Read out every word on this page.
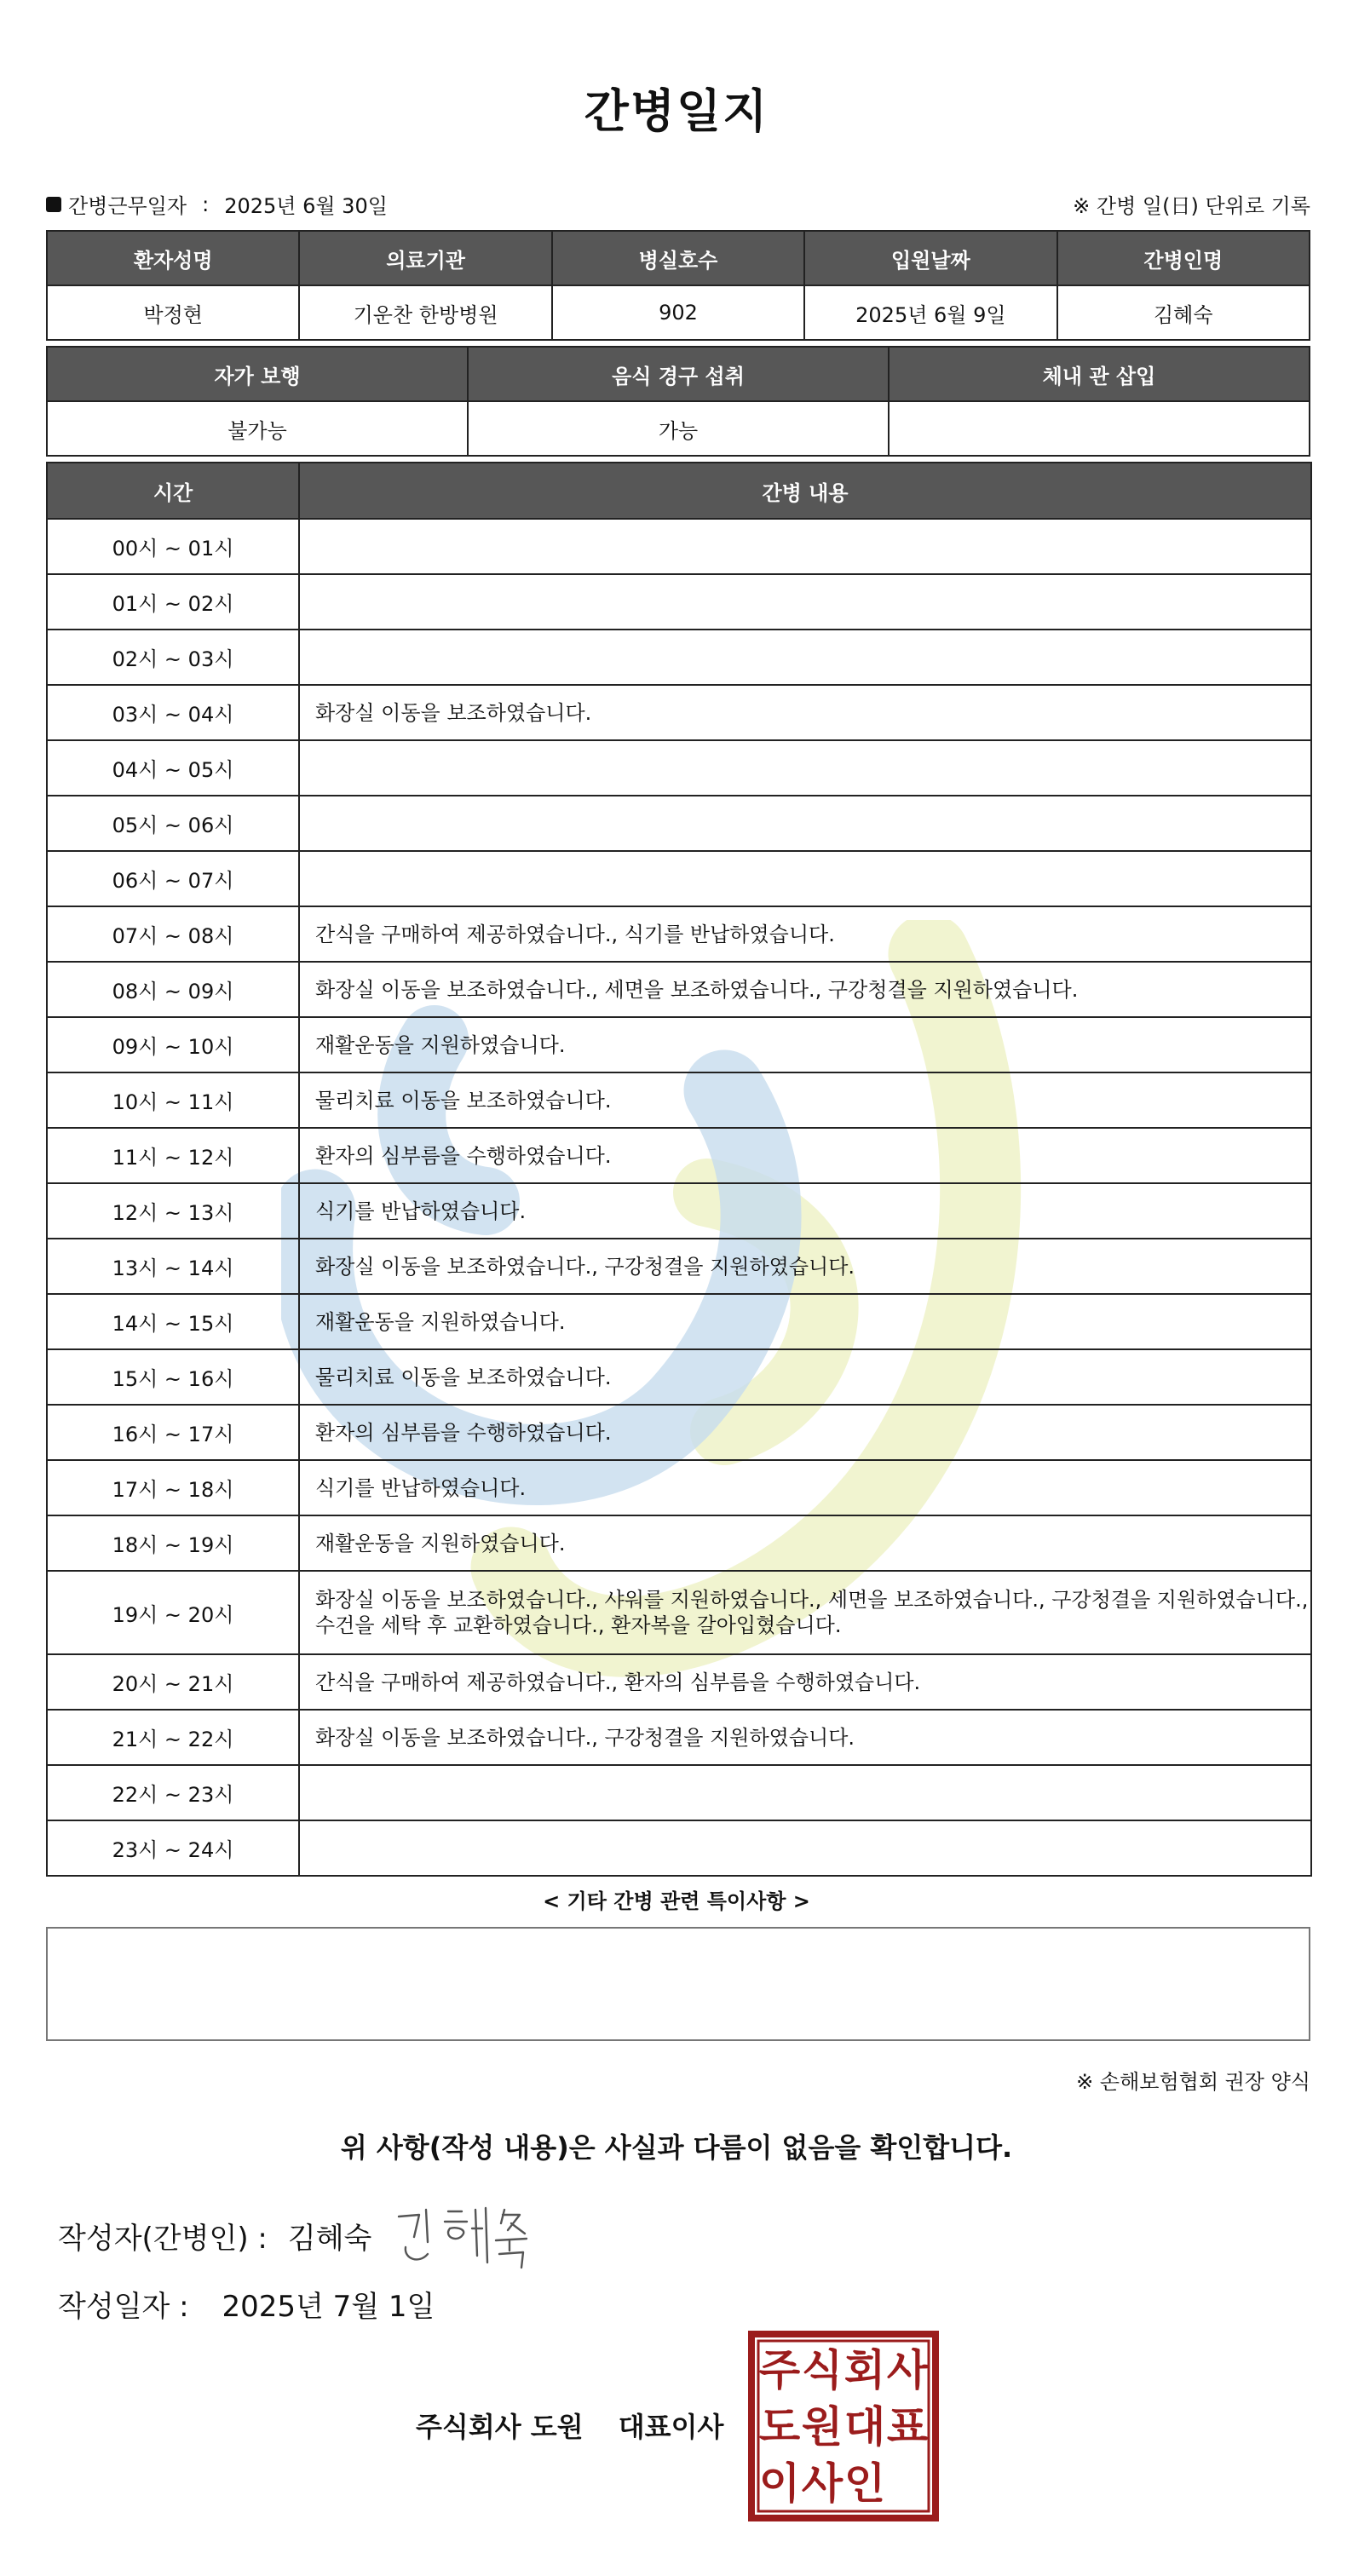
간병일지
간병근무일자 : 2025년 6월 30일	※ 간병 일(日) 단위로 기록
환자성명	의료기관	병실호수	입원날짜	간병인명
박정현	기운찬 한방병원	902	2025년 6월 9일	김혜숙
자가 보행	음식 경구 섭취	체내 관 삽입
불가능	가능	
시간	간병 내용
00시 ~ 01시	
01시 ~ 02시	
02시 ~ 03시	
03시 ~ 04시	화장실 이동을 보조하였습니다.
04시 ~ 05시	
05시 ~ 06시	
06시 ~ 07시	
07시 ~ 08시	간식을 구매하여 제공하였습니다., 식기를 반납하였습니다.
08시 ~ 09시	화장실 이동을 보조하였습니다., 세면을 보조하였습니다., 구강청결을 지원하였습니다.
09시 ~ 10시	재활운동을 지원하였습니다.
10시 ~ 11시	물리치료 이동을 보조하였습니다.
11시 ~ 12시	환자의 심부름을 수행하였습니다.
12시 ~ 13시	식기를 반납하였습니다.
13시 ~ 14시	화장실 이동을 보조하였습니다., 구강청결을 지원하였습니다.
14시 ~ 15시	재활운동을 지원하였습니다.
15시 ~ 16시	물리치료 이동을 보조하였습니다.
16시 ~ 17시	환자의 심부름을 수행하였습니다.
17시 ~ 18시	식기를 반납하였습니다.
18시 ~ 19시	재활운동을 지원하였습니다.
19시 ~ 20시	화장실 이동을 보조하였습니다., 샤워를 지원하였습니다., 세면을 보조하였습니다., 구강청결을 지원하였습니다., 수건을 세탁 후 교환하였습니다., 환자복을 갈아입혔습니다.
20시 ~ 21시	간식을 구매하여 제공하였습니다., 환자의 심부름을 수행하였습니다.
21시 ~ 22시	화장실 이동을 보조하였습니다., 구강청결을 지원하였습니다.
22시 ~ 23시	
23시 ~ 24시	
< 기타 간병 관련 특이사항 >
※ 손해보험협회 권장 양식
위 사항(작성 내용)은 사실과 다름이 없음을 확인합니다.
작성자(간병인) : 김혜숙
작성일자 : 2025년 7월 1일
주식회사 도원 대표이사
주 식 회 사
도 원 대 표
이 사 인
